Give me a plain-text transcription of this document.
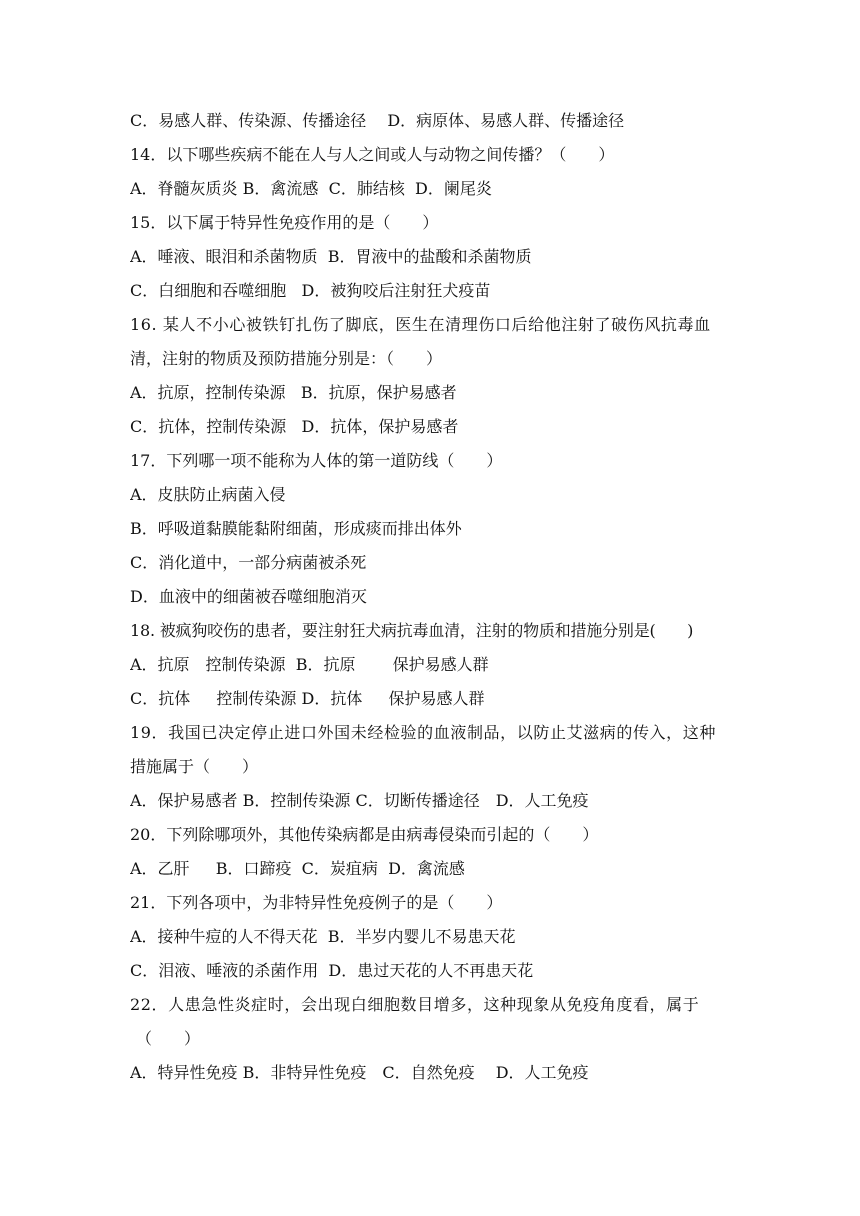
C．易感人群、传染源、传播途径　 D．病原体、易感人群、传播途径
14．以下哪些疾病不能在人与人之间或人与动物之间传播？（　　）
A．脊髓灰质炎 B．禽流感  C．肺结核  D．阑尾炎
15．以下属于特异性免疫作用的是（　　）
A．唾液、眼泪和杀菌物质  B．胃液中的盐酸和杀菌物质
C．白细胞和吞噬细胞   D．被狗咬后注射狂犬疫苗
16. 某人不小心被铁钉扎伤了脚底，医生在清理伤口后给他注射了破伤风抗毒血
清，注射的物质及预防措施分别是：（　　）
A．抗原，控制传染源   B．抗原，保护易感者
C．抗体，控制传染源   D．抗体，保护易感者
17．下列哪一项不能称为人体的第一道防线（　　）
A．皮肤防止病菌入侵
B．呼吸道黏膜能黏附细菌，形成痰而排出体外
C．消化道中，一部分病菌被杀死
D．血液中的细菌被吞噬细胞消灭
18. 被疯狗咬伤的患者，要注射狂犬病抗毒血清，注射的物质和措施分别是(　　)
A．抗原　控制传染源  B．抗原　　 保护易感人群
C．抗体　  控制传染源 D．抗体　  保护易感人群
19．我国已决定停止进口外国未经检验的血液制品，以防止艾滋病的传入，这种
措施属于（　　）
A．保护易感者 B．控制传染源 C．切断传播途径　D．人工免疫
20．下列除哪项外，其他传染病都是由病毒侵染而引起的（　　）
A．乙肝　  B．口蹄疫  C．炭疽病  D．禽流感
21．下列各项中，为非特异性免疫例子的是（　　）
A．接种牛痘的人不得天花  B．半岁内婴儿不易患天花
C．泪液、唾液的杀菌作用  D．患过天花的人不再患天花
22．人患急性炎症时，会出现白细胞数目增多，这种现象从免疫角度看，属于
（　　）
A．特异性免疫 B．非特异性免疫　C．自然免疫　 D．人工免疫
